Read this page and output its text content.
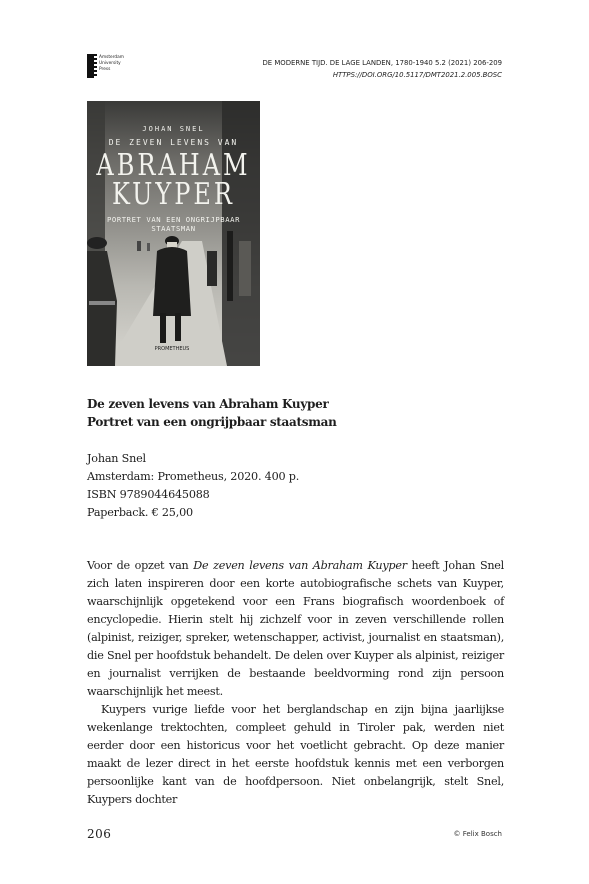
Amsterdam
University
Press
DE MODERNE TIJD. DE LAGE LANDEN, 1780-1940 5.2 (2021) 206-209
HTTPS://DOI.ORG/10.5117/DMT2021.2.005.BOSC
JOHAN SNEL
DE ZEVEN LEVENS VAN
ABRAHAM
KUYPER
PORTRET VAN EEN ONGRIJPBAAR STAATSMAN
PROMETHEUS
De zeven levens van Abraham Kuyper
Portret van een ongrijpbaar staatsman
Johan Snel
Amsterdam: Prometheus, 2020. 400 p.
ISBN 9789044645088
Paperback. € 25,00

Voor de opzet van De zeven levens van Abraham Kuyper heeft Johan Snel zich laten inspireren door een korte autobiografische schets van Kuyper, waarschijnlijk opgetekend voor een Frans biografisch woordenboek of encyclopedie. Hierin stelt hij zichzelf voor in zeven verschillende rollen (alpinist, reiziger, spreker, wetenschapper, activist, journalist en staatsman), die Snel per hoofdstuk behandelt. De delen over Kuyper als alpinist, reiziger en journalist verrijken de bestaande beeldvorming rond zijn persoon waarschijnlijk het meest.

Kuypers vurige liefde voor het berglandschap en zijn bijna jaarlijkse wekenlange trektochten, compleet gehuld in Tiroler pak, werden niet eerder door een historicus voor het voetlicht gebracht. Op deze manier maakt de lezer direct in het eerste hoofdstuk kennis met een verborgen persoonlijke kant van de hoofdpersoon. Niet onbelangrijk, stelt Snel, Kuypers dochter

206	© Felix Bosch
